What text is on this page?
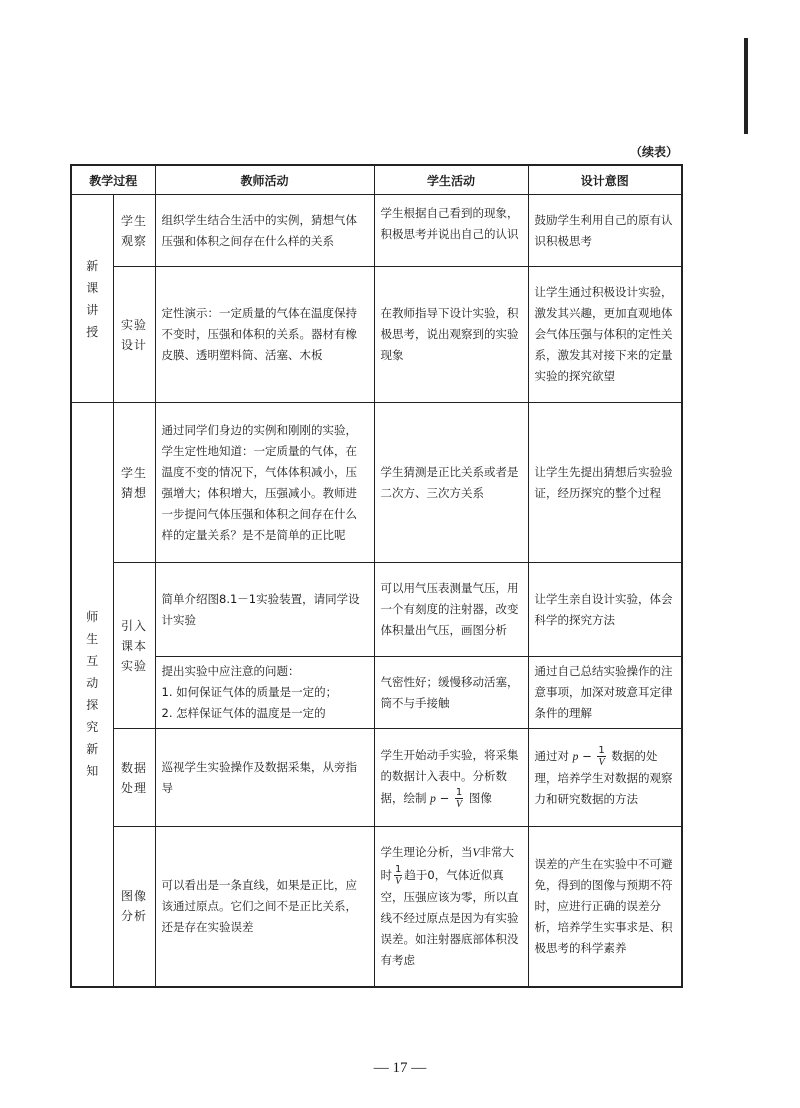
（续表）
教学过程		教师活动	学生活动	设计意图

新课讲授	学生观察	组织学生结合生活中的实例，猜想气体压强和体积之间存在什么样的关系	学生根据自己看到的现象，积极思考并说出自己的认识	鼓励学生利用自己的原有认识积极思考

	实验设计	定性演示：一定质量的气体在温度保持不变时，压强和体积的关系。器材有橡皮膜、透明塑料筒、活塞、木板	在教师指导下设计实验，积极思考，说出观察到的实验现象	让学生通过积极设计实验，激发其兴趣，更加直观地体会气体压强与体积的定性关系，激发其对接下来的定量实验的探究欲望

师生互动探究新知	学生猜想	通过同学们身边的实例和刚刚的实验，学生定性地知道：一定质量的气体，在温度不变的情况下，气体体积减小，压强增大；体积增大，压强减小。教师进一步提问气体压强和体积之间存在什么样的定量关系？是不是简单的正比呢	学生猜测是正比关系或者是二次方、三次方关系	让学生先提出猜想后实验验证，经历探究的整个过程

	引入课本实验	简单介绍图8.1－1实验装置，请同学设计实验	可以用气压表测量气压，用一个有刻度的注射器，改变体积量出气压，画图分析	让学生亲自设计实验，体会科学的探究方法

		提出实验中应注意的问题：
1. 如何保证气体的质量是一定的；
2. 怎样保证气体的温度是一定的	气密性好；缓慢移动活塞，筒不与手接触	通过自己总结实验操作的注意事项，加深对玻意耳定律条件的理解

	数据处理	巡视学生实验操作及数据采集，从旁指导	学生开始动手实验，将采集的数据计入表中。分析数据，绘制 $p - \frac{1}{V}$ 图像	通过对 $p - \frac{1}{V}$ 数据的处理，培养学生对数据的观察力和研究数据的方法

	图像分析	可以看出是一条直线，如果是正比，应该通过原点。它们之间不是正比关系，还是存在实验误差	学生理论分析，当V非常大时 $\frac{1}{V}$ 趋于0，气体近似真空，压强应该为零，所以直线不经过原点是因为有实验误差。如注射器底部体积没有考虑	误差的产生在实验中不可避免，得到的图像与预期不符时，应进行正确的误差分析，培养学生实事求是、积极思考的科学素养
— 17 —
